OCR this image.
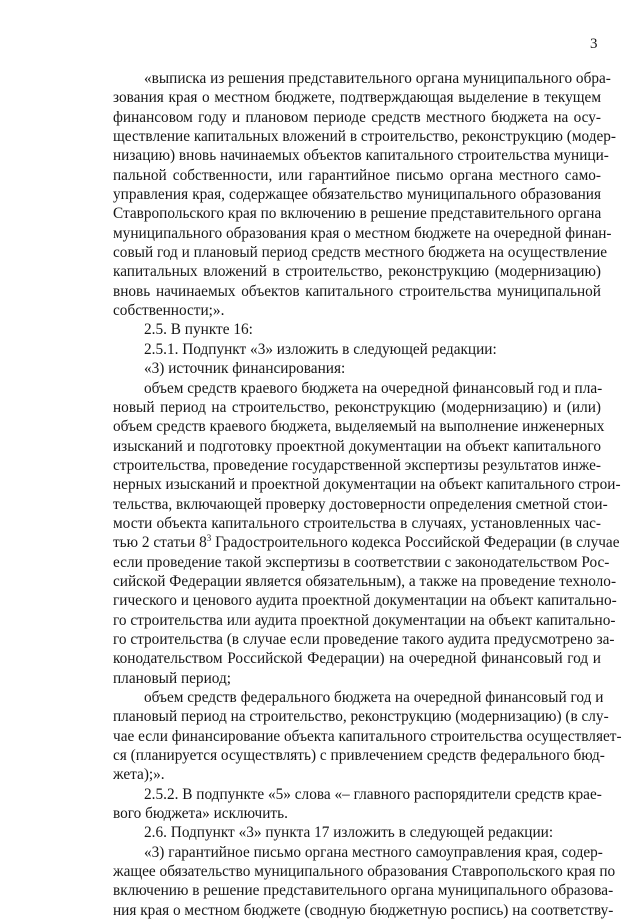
3
«выписка из решения представительного органа муниципального обра-
зования края о местном бюджете, подтверждающая выделение в текущем
финансовом году и плановом периоде средств местного бюджета на осу-
ществление капитальных вложений в строительство, реконструкцию (модер-
низацию) вновь начинаемых объектов капитального строительства муници-
пальной собственности, или гарантийное письмо органа местного само-
управления края, содержащее обязательство муниципального образования
Ставропольского края по включению в решение представительного органа
муниципального образования края о местном бюджете на очередной финан-
совый год и плановый период средств местного бюджета на осуществление
капитальных вложений в строительство, реконструкцию (модернизацию)
вновь начинаемых объектов капитального строительства муниципальной
собственности;».
2.5. В пункте 16:
2.5.1. Подпункт «3» изложить в следующей редакции:
«3) источник финансирования:
объем средств краевого бюджета на очередной финансовый год и пла-
новый период на строительство, реконструкцию (модернизацию) и (или)
объем средств краевого бюджета, выделяемый на выполнение инженерных
изысканий и подготовку проектной документации на объект капитального
строительства, проведение государственной экспертизы результатов инже-
нерных изысканий и проектной документации на объект капитального строи-
тельства, включающей проверку достоверности определения сметной стои-
мости объекта капитального строительства в случаях, установленных час-
тью 2 статьи $8^3$ Градостроительного кодекса Российской Федерации (в случае
если проведение такой экспертизы в соответствии с законодательством Рос-
сийской Федерации является обязательным), а также на проведение техноло-
гического и ценового аудита проектной документации на объект капитально-
го строительства или аудита проектной документации на объект капитально-
го строительства (в случае если проведение такого аудита предусмотрено за-
конодательством Российской Федерации) на очередной финансовый год и
плановый период;
объем средств федерального бюджета на очередной финансовый год и
плановый период на строительство, реконструкцию (модернизацию) (в слу-
чае если финансирование объекта капитального строительства осуществляет-
ся (планируется осуществлять) с привлечением средств федерального бюд-
жета);».
2.5.2. В подпункте «5» слова «– главного распорядители средств крае-
вого бюджета» исключить.
2.6. Подпункт «3» пункта 17 изложить в следующей редакции:
«3) гарантийное письмо органа местного самоуправления края, содер-
жащее обязательство муниципального образования Ставропольского края по
включению в решение представительного органа муниципального образова-
ния края о местном бюджете (сводную бюджетную роспись) на соответству-
